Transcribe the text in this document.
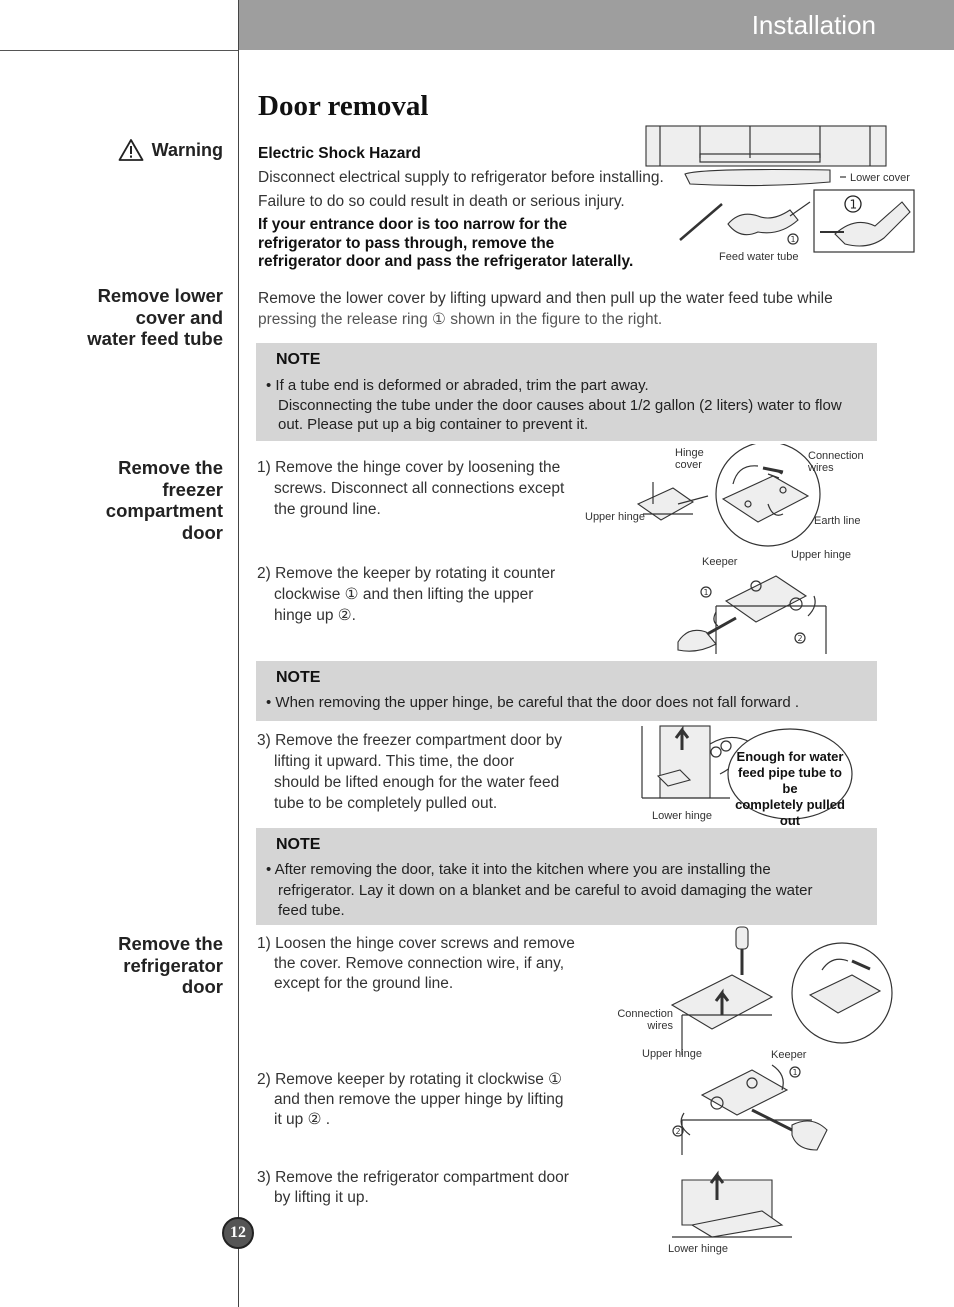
Installation
Door removal
Warning Electric Shock Hazard
Disconnect electrical supply to refrigerator before installing.
Failure to do so could result in death or serious injury.
If your entrance door is too narrow for the
refrigerator to pass through, remove the
refrigerator door and pass the refrigerator laterally.
1
1
Lower cover
Feed water tube
Remove lower
cover and
water feed tube
Remove the lower cover by lifting upward and then pull up the water feed tube while
pressing the release ring ① shown in the figure to the right.
NOTE
• If a tube end is deformed or abraded, trim the part away.
Disconnecting the tube under the door causes about 1/2 gallon (2 liters) water to flow
out. Please put up a big container to prevent it.
Remove the
freezer
compartment
door
1) Remove the hinge cover by loosening the
screws. Disconnect all connections except
the ground line.
2) Remove the keeper by rotating it counter
clockwise ① and then lifting the upper
hinge up ②.
Hinge
cover
Connection
wires
Upper hinge	Earth line
1
2
Keeper
Upper hinge
NOTE
• When removing the upper hinge, be careful that the door does not fall forward .
3) Remove the freezer compartment door by
lifting it upward. This time, the door
should be lifted enough for the water feed
tube to be completely pulled out.
Enough for water
feed pipe tube to be
completely pulled out
Lower hinge
NOTE
• After removing the door, take it into the kitchen where you are installing the
refrigerator. Lay it down on a blanket and be careful to avoid damaging the water
feed tube.
Remove the
refrigerator
door
1) Loosen the hinge cover screws and remove
the cover. Remove connection wire, if any,
except for the ground line.
2) Remove keeper by rotating it clockwise ①
and then remove the upper hinge by lifting
it up ② .
3) Remove the refrigerator compartment door
by lifting it up.
1
2
Connection
wires
Upper hinge	Keeper
Lower hinge
12
